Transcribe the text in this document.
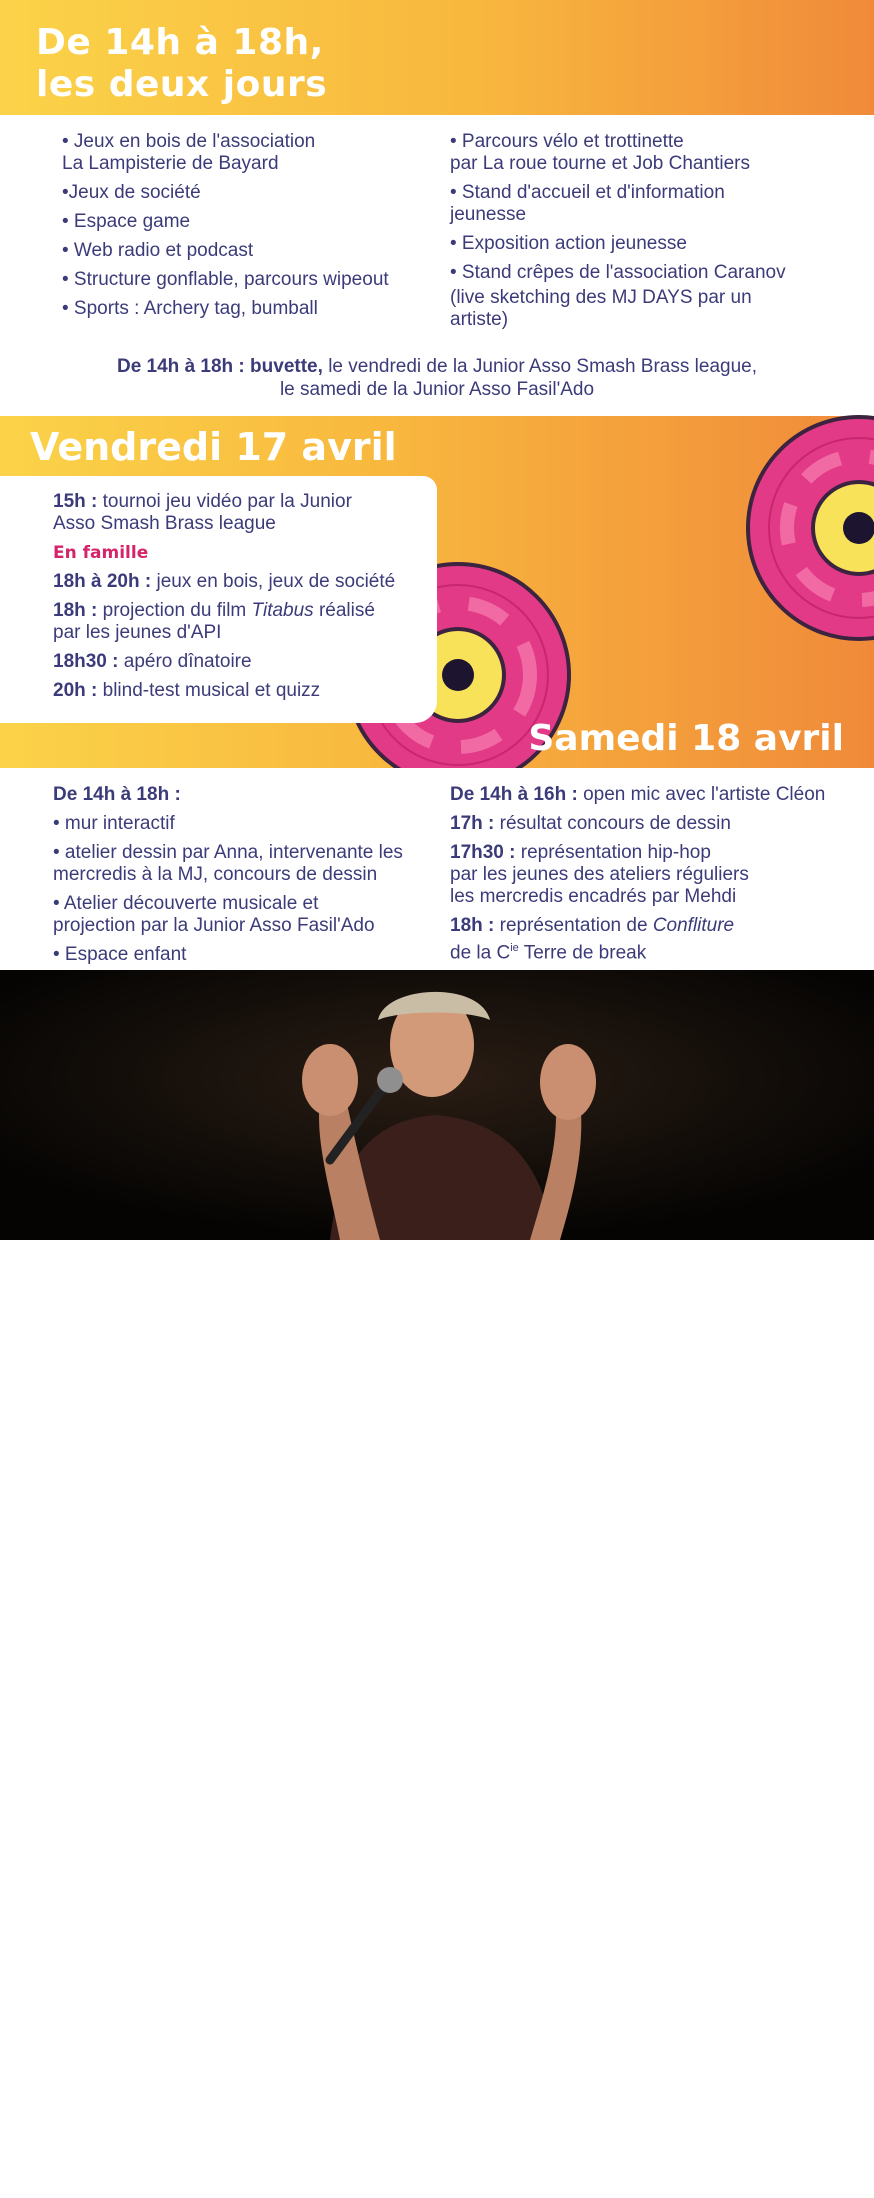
De 14h à 18h,
les deux jours
• Jeux en bois de l'association
La Lampisterie de Bayard
•Jeux de société
• Espace game
• Web radio et podcast
• Structure gonflable, parcours wipeout
• Sports : Archery tag, bumball
• Parcours vélo et trottinette
par La roue tourne et Job Chantiers
• Stand d'accueil et d'information
jeunesse
• Exposition action jeunesse
• Stand crêpes de l'association Caranov
(live sketching des MJ DAYS par un
artiste)
De 14h à 18h : buvette, le vendredi de la Junior Asso Smash Brass league,
le samedi de la Junior Asso Fasil'Ado
Vendredi 17 avril
15h : tournoi jeu vidéo par la Junior
Asso Smash Brass league
En famille
18h à 20h : jeux en bois, jeux de société
18h : projection du film Titabus réalisé
par les jeunes d'API
18h30 : apéro dînatoire
20h : blind-test musical et quizz
Samedi 18 avril
De 14h à 18h :
• mur interactif
• atelier dessin par Anna, intervenante les
mercredis à la MJ, concours de dessin
• Atelier découverte musicale et
projection par la Junior Asso Fasil'Ado
• Espace enfant
De 14h à 16h : open mic avec l'artiste Cléon
17h : résultat concours de dessin
17h30 : représentation hip-hop
par les jeunes des ateliers réguliers
les mercredis encadrés par Mehdi
18h : représentation de Confliture
de la $C^{ie}$ Terre de break
© Confliture - REVUPProduction
